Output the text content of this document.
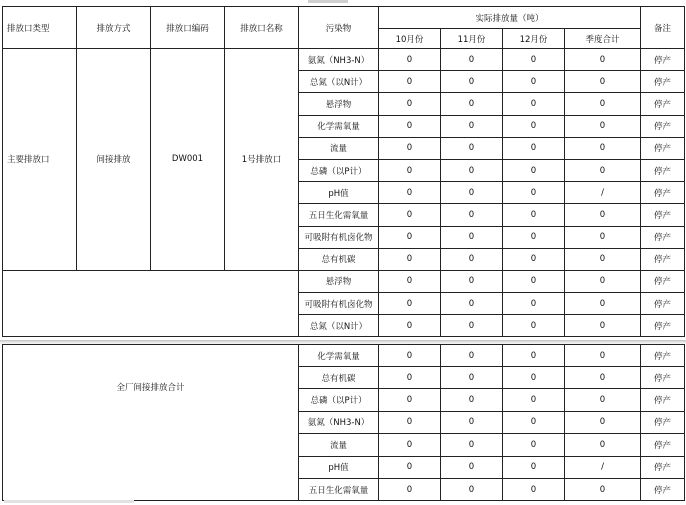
排放口类型	排放方式	排放口编码	排放口名称	污染物	实际排放量（吨）				备注
					10月份	11月份	12月份	季度合计	
主要排放口	间接排放	DW001	1号排放口	氨氮（NH3-N）	0	0	0	0	停产
				总氮（以N计）	0	0	0	0	停产
				悬浮物	0	0	0	0	停产
				化学需氧量	0	0	0	0	停产
				流量	0	0	0	0	停产
				总磷（以P计）	0	0	0	0	停产
				pH值	0	0	0	/	停产
				五日生化需氧量	0	0	0	0	停产
				可吸附有机卤化物	0	0	0	0	停产
				总有机碳	0	0	0	0	停产
				悬浮物	0	0	0	0	停产
				可吸附有机卤化物	0	0	0	0	停产
				总氮（以N计）	0	0	0	0	停产
全厂间接排放合计	化学需氧量	0	0	0	0	停产
	总有机碳	0	0	0	0	停产
	总磷（以P计）	0	0	0	0	停产
	氨氮（NH3-N）	0	0	0	0	停产
	流量	0	0	0	0	停产
	pH值	0	0	0	/	停产
	五日生化需氧量	0	0	0	0	停产
